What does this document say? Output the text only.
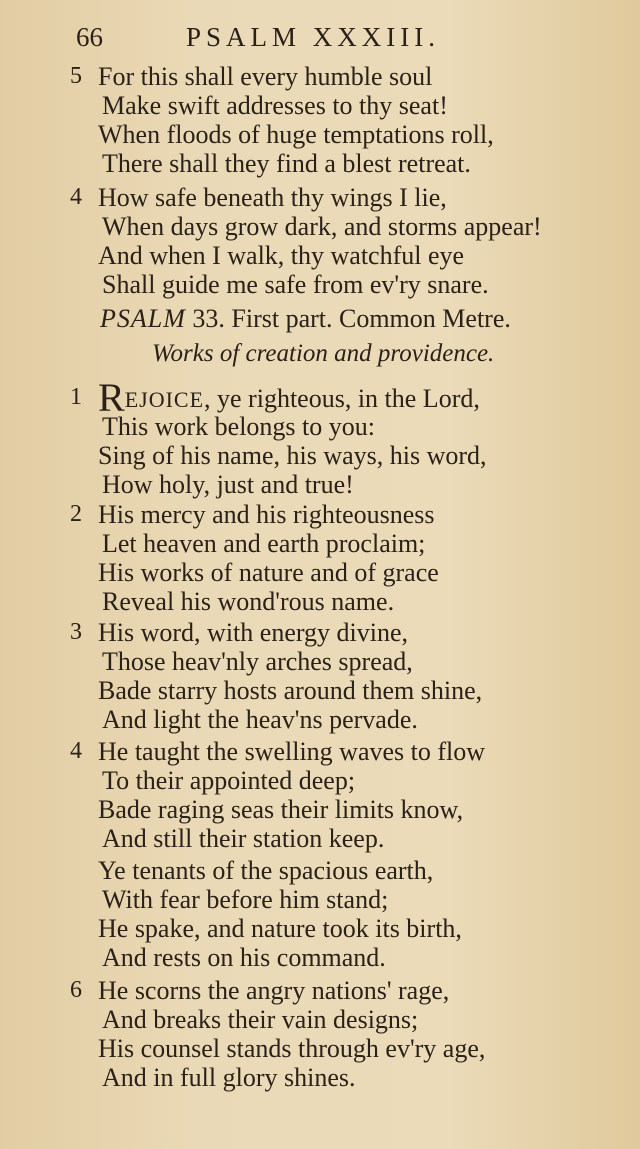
66	PSALM XXXIII.
5 For this shall every humble soul
Make swift addresses to thy seat!
When floods of huge temptations roll,
There shall they find a blest retreat.
4 How safe beneath thy wings I lie,
When days grow dark, and storms appear!
And when I walk, thy watchful eye
Shall guide me safe from ev'ry snare.
PSALM 33. First part. Common Metre.
Works of creation and providence.
1 REJOICE, ye righteous, in the Lord,
This work belongs to you:
Sing of his name, his ways, his word,
How holy, just and true!
2 His mercy and his righteousness
Let heaven and earth proclaim;
His works of nature and of grace
Reveal his wond'rous name.
3 His word, with energy divine,
Those heav'nly arches spread,
Bade starry hosts around them shine,
And light the heav'ns pervade.
4 He taught the swelling waves to flow
To their appointed deep;
Bade raging seas their limits know,
And still their station keep.
Ye tenants of the spacious earth,
With fear before him stand;
He spake, and nature took its birth,
And rests on his command.
6 He scorns the angry nations' rage,
And breaks their vain designs;
His counsel stands through ev'ry age,
And in full glory shines.
